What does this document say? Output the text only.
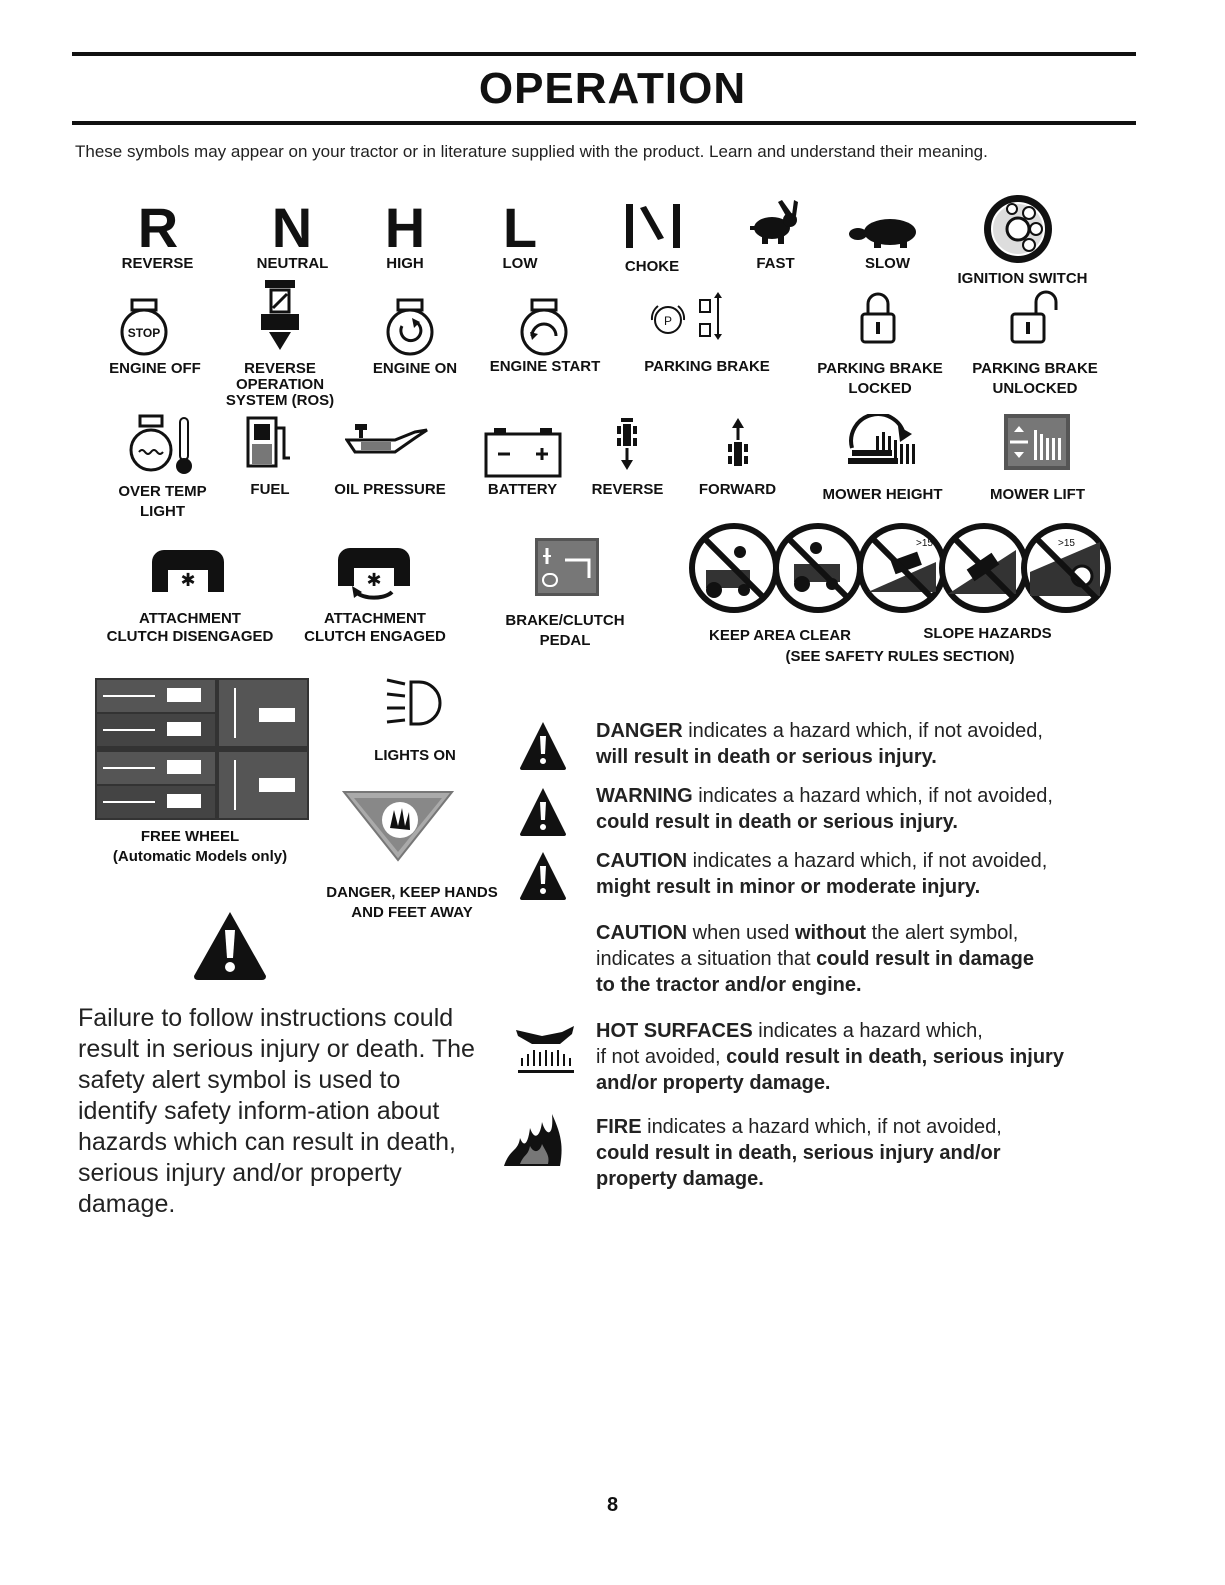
OPERATION
These symbols may appear on your tractor or in literature supplied with the product. Learn and understand their meaning.
R
REVERSE
N
NEUTRAL
H
HIGH
L
LOW	CHOKE	FAST	SLOW
IGNITION SWITCH
STOP
ENGINE OFF	REVERSE
OPERATION
SYSTEM (ROS)
ENGINE ON	ENGINE START
P
PARKING BRAKE	PARKING BRAKE
LOCKED
PARKING BRAKE
UNLOCKED
OVER TEMP
LIGHT
FUEL	OIL PRESSURE	BATTERY	REVERSE	FORWARD	MOWER HEIGHT	MOWER LIFT
✱
ATTACHMENT
CLUTCH DISENGAGED
✱
ATTACHMENT
CLUTCH ENGAGED
BRAKE/CLUTCH
PEDAL
>15	>15
KEEP AREA CLEAR	SLOPE HAZARDS
(SEE SAFETY RULES SECTION)
FREE WHEEL
(Automatic Models only)
LIGHTS ON
DANGER, KEEP HANDS
AND FEET AWAY
Failure to follow instructions could result in serious injury or death. The safety alert symbol is used to identify safety inform-ation about hazards which can result in death, serious injury and/or property damage.
DANGER indicates a hazard which, if not avoided,
will result in death or serious injury.
WARNING indicates a hazard which, if not avoided,
could result in death or serious injury.
CAUTION indicates a hazard which, if not avoided,
might result in minor or moderate injury.
CAUTION when used without the alert symbol,
indicates a situation that could result in damage
to the tractor and/or engine.
HOT SURFACES indicates a hazard which,
if not avoided, could result in death, serious injury
and/or property damage.
FIRE indicates a hazard which, if not avoided,
could result in death, serious injury and/or
property damage.
8
